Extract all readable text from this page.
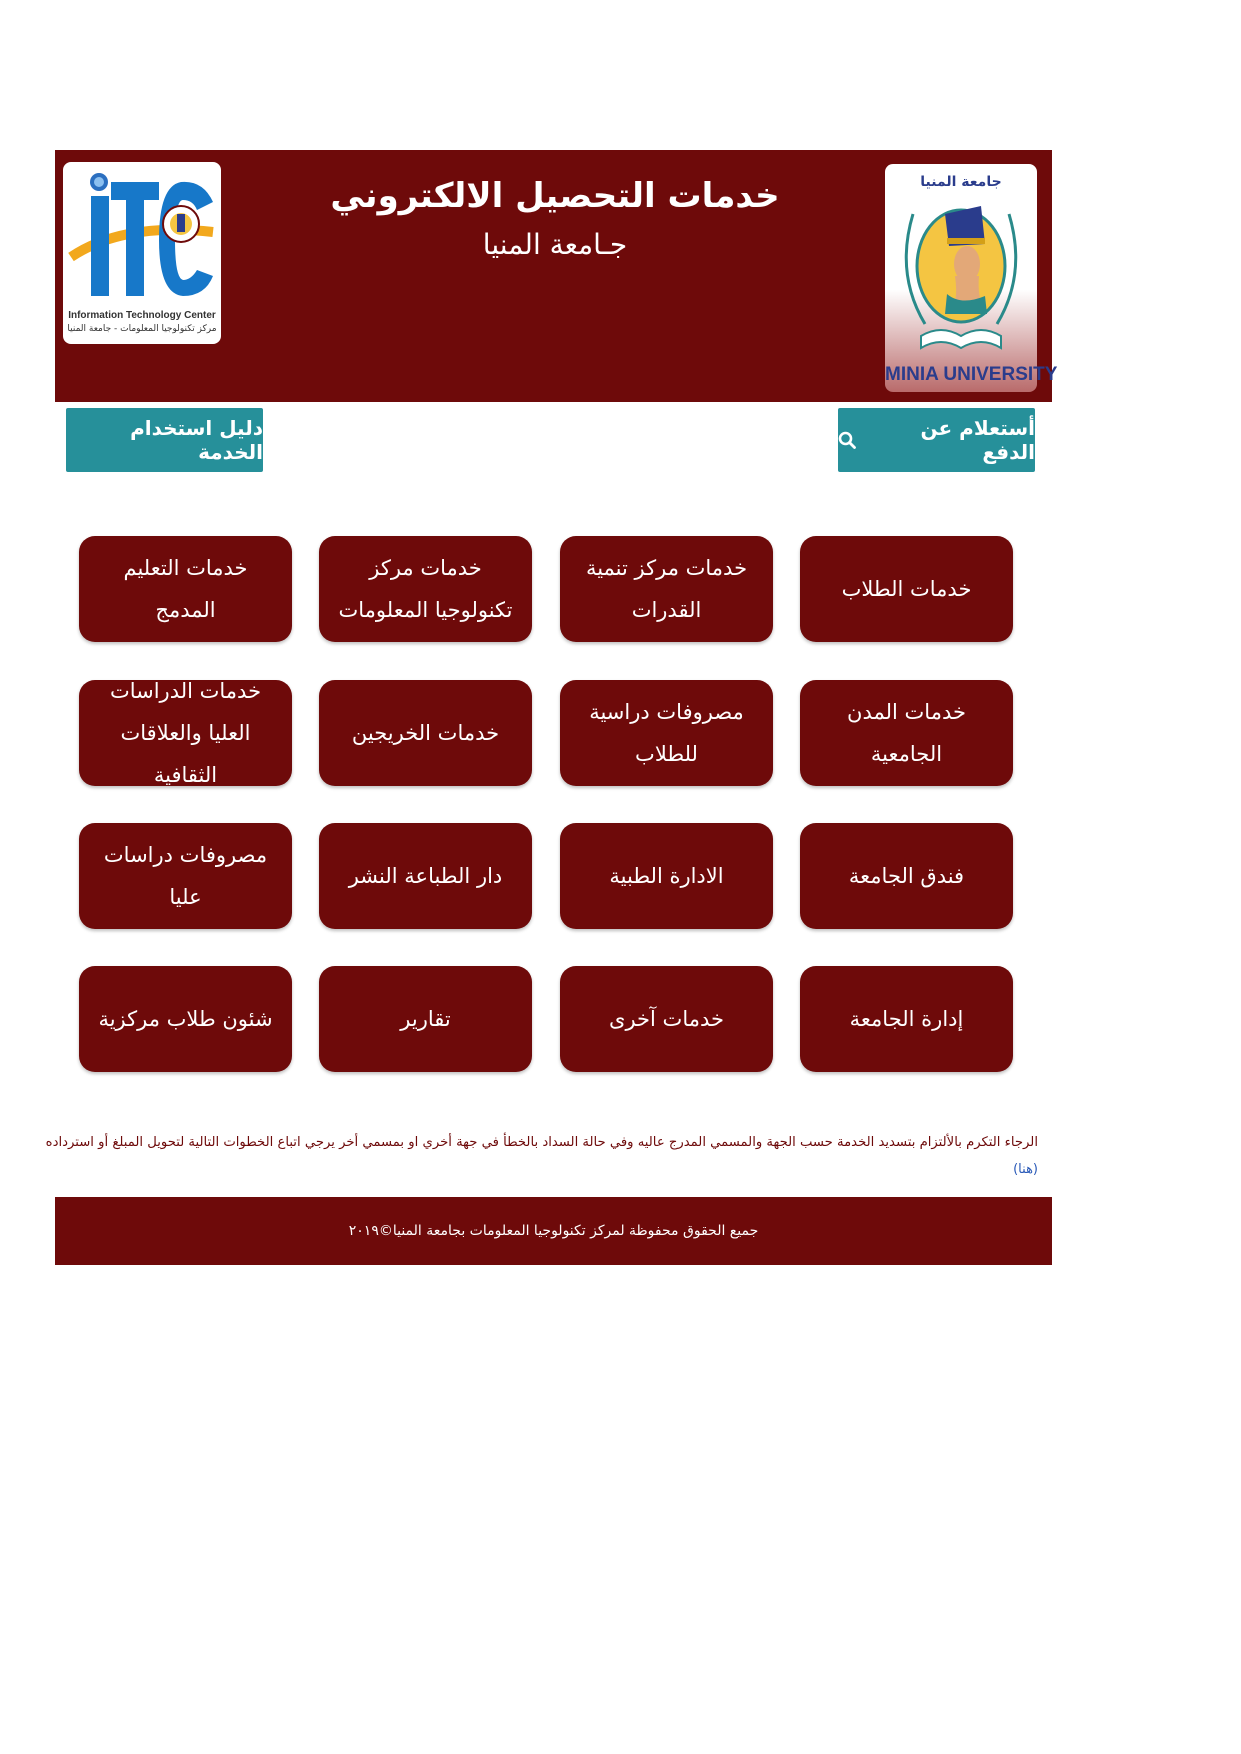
Information Technology Center
مركز تكنولوجيا المعلومات - جامعة المنيا
خدمات التحصيل الالكتروني
جـامعة المنيا
جامعة المنيا
MINIA UNIVERSITY
دليل استخدام الخدمة
أستعلام عن الدفع
خدمات الطلاب
خدمات مركز تنمية القدرات
خدمات مركز تكنولوجيا المعلومات
خدمات التعليم المدمج
خدمات المدن الجامعية
مصروفات دراسية للطلاب
خدمات الخريجين
خدمات الدراسات العليا والعلاقات الثقافية
فندق الجامعة
الادارة الطبية
دار الطباعة النشر
مصروفات دراسات عليا
إدارة الجامعة
خدمات آخرى
تقارير
شئون طلاب مركزية
الرجاء التكرم بالألتزام بتسديد الخدمة حسب الجهة والمسمي المدرج عاليه وفي حالة السداد بالخطأ في جهة أخري او بمسمي أخر يرجي اتباع الخطوات التالية لتحويل المبلغ أو استرداده
(هنا)
جميع الحقوق محفوظة لمركز تكنولوجيا المعلومات بجامعة المنيا©٢٠١٩
